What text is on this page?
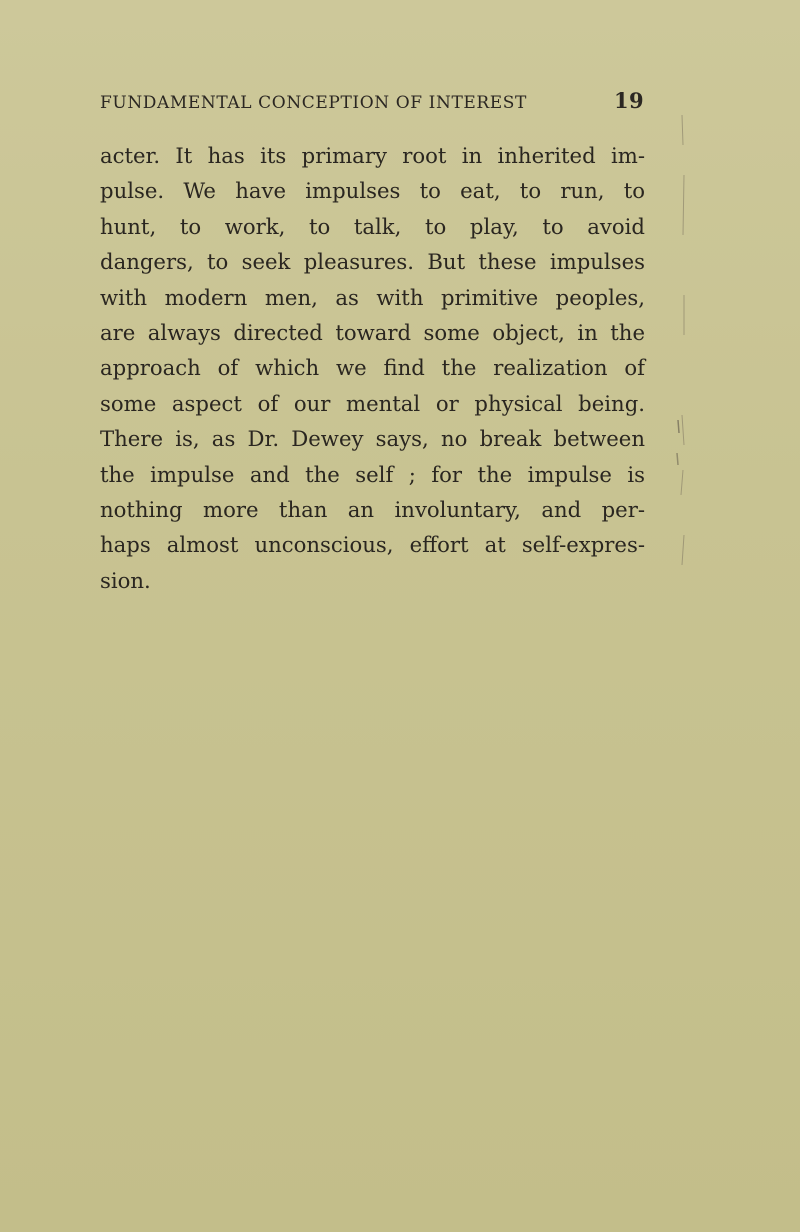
FUNDAMENTAL CONCEPTION OF INTEREST	19
acter. It has its primary root in inherited im-
pulse. We have impulses to eat, to run, to
hunt, to work, to talk, to play, to avoid
dangers, to seek pleasures. But these impulses
with modern men, as with primitive peoples,
are always directed toward some object, in the
approach of which we find the realization of
some aspect of our mental or physical being.
There is, as Dr. Dewey says, no break between
the impulse and the self ; for the impulse is
nothing more than an involuntary, and per-
haps almost unconscious, effort at self-expres-
sion.
